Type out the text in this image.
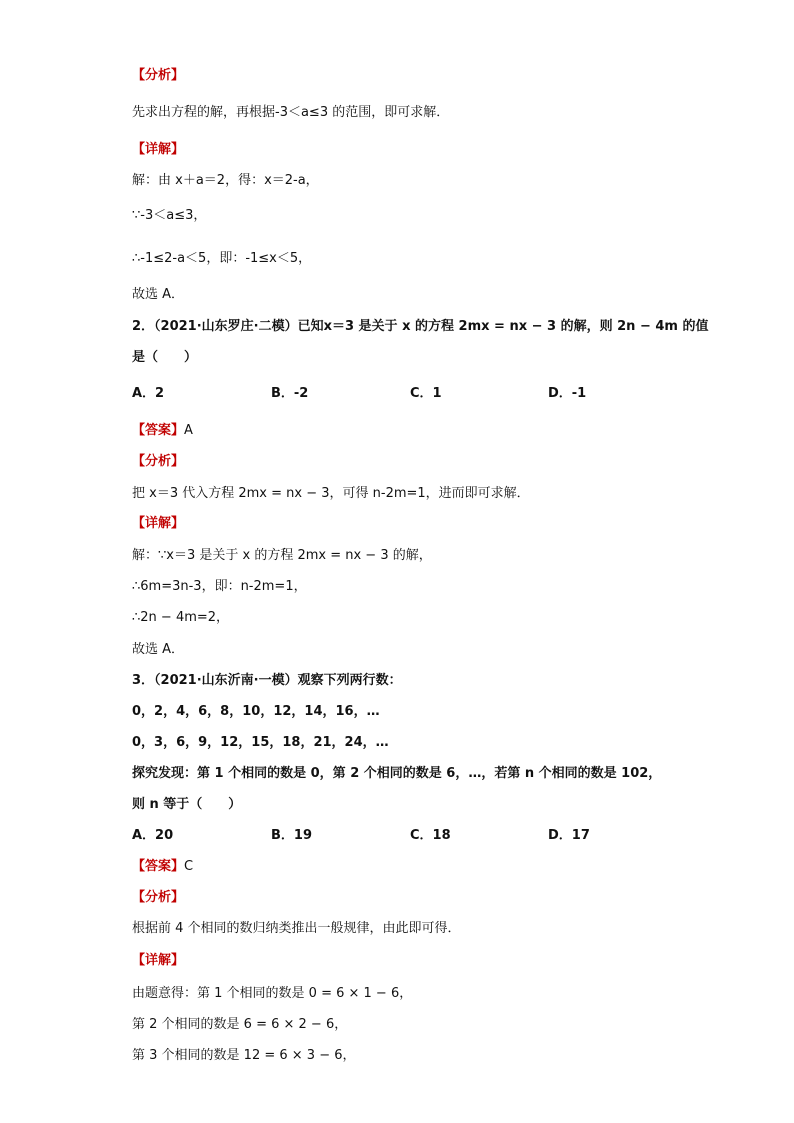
【分析】
先求出方程的解，再根据-3＜a≤3 的范围，即可求解．
【详解】
解：由 x＋a＝2，得：x＝2-a，
∵-3＜a≤3，
∴-1≤2-a＜5，即：-1≤x＜5，
故选 A．
2．（2021·山东罗庄·二模）已知x＝3 是关于 x 的方程 2mx = nx − 3 的解，则 2n − 4m 的值
是（　　）
A．2	B．-2	C．1	D．-1
【答案】A
【分析】
把 x＝3 代入方程 2mx = nx − 3，可得 n-2m=1，进而即可求解．
【详解】
解：∵x＝3 是关于 x 的方程 2mx = nx − 3 的解，
∴6m=3n-3，即：n-2m=1，
∴2n − 4m=2，
故选 A．
3．（2021·山东沂南·一模）观察下列两行数：
0，2，4，6，8，10，12，14，16，…
0，3，6，9，12，15，18，21，24，…
探究发现：第 1 个相同的数是 0，第 2 个相同的数是 6，…，若第 n 个相同的数是 102，
则 n 等于（　　）
A．20	B．19	C．18	D．17
【答案】C
【分析】
根据前 4 个相同的数归纳类推出一般规律，由此即可得．
【详解】
由题意得：第 1 个相同的数是 0 = 6 × 1 − 6，
第 2 个相同的数是 6 = 6 × 2 − 6，
第 3 个相同的数是 12 = 6 × 3 − 6，
